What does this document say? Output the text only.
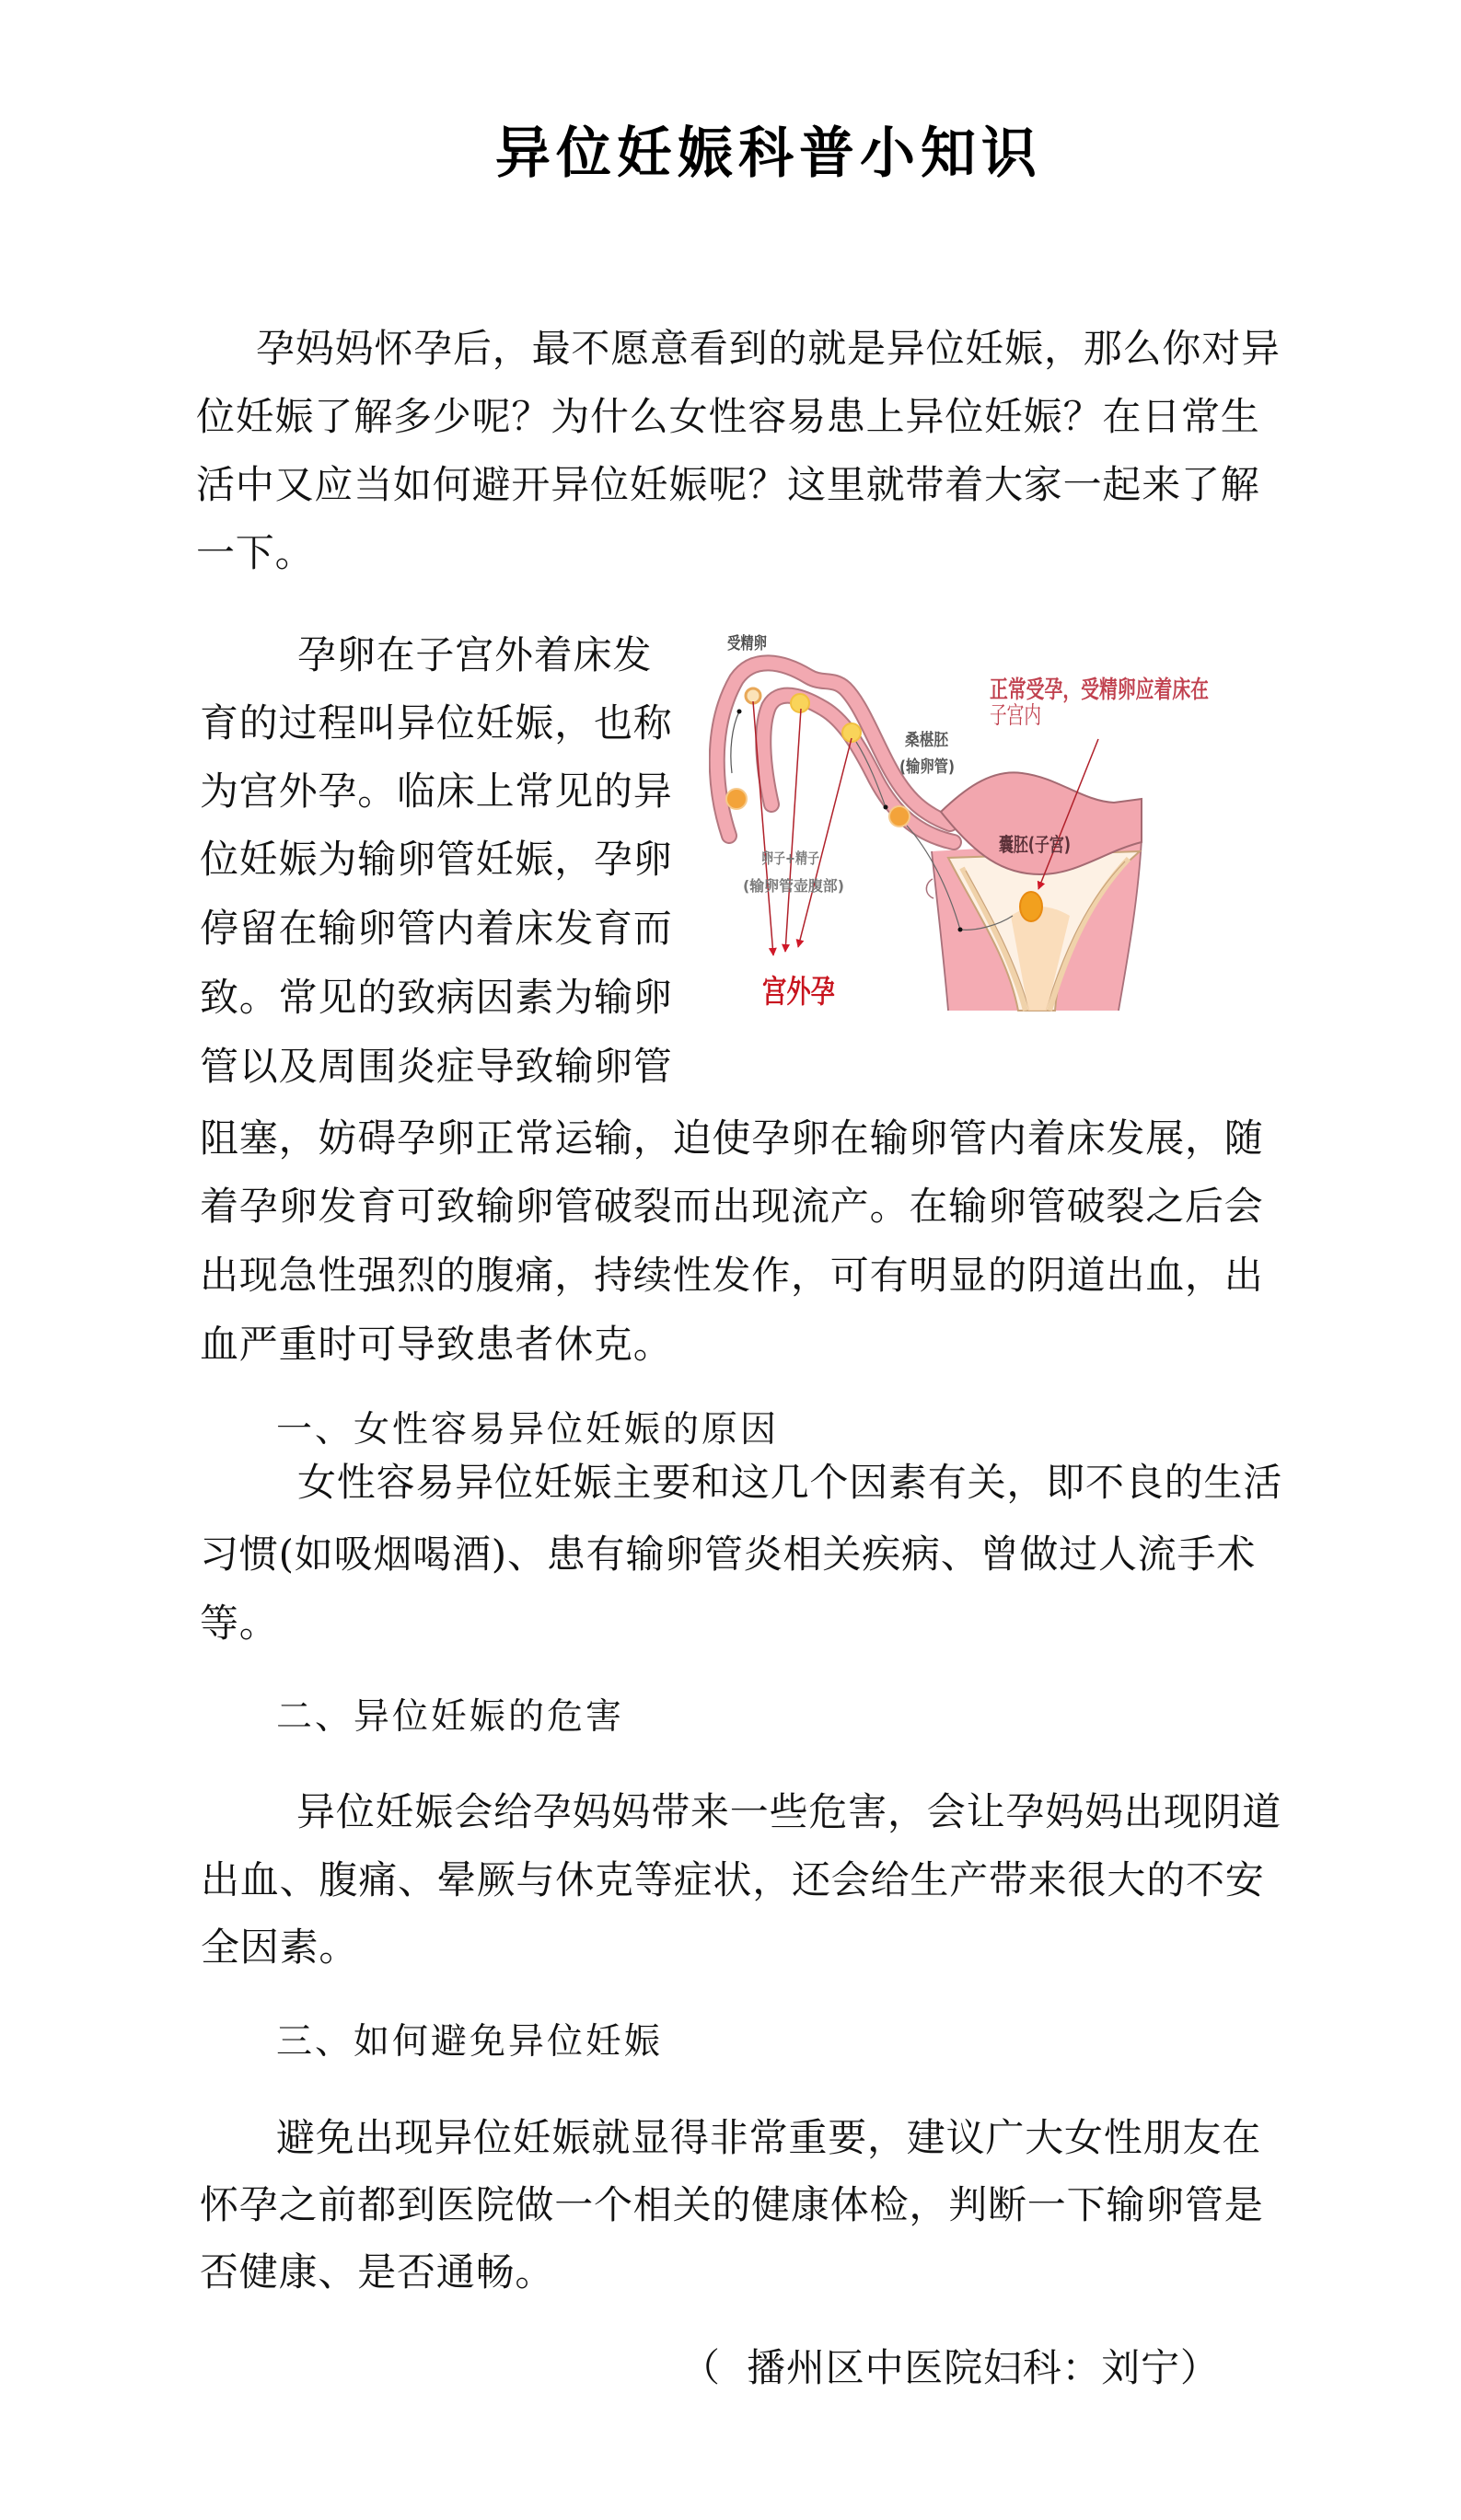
异位妊娠科普小知识
孕妈妈怀孕后，最不愿意看到的就是异位妊娠，那么你对异
位妊娠了解多少呢？为什么女性容易患上异位妊娠？在日常生
活中又应当如何避开异位妊娠呢？这里就带着大家一起来了解
一下。
孕卵在子宫外着床发
育的过程叫异位妊娠，也称
为宫外孕。临床上常见的异
位妊娠为输卵管妊娠，孕卵
停留在输卵管内着床发育而
致。常见的致病因素为输卵
管以及周围炎症导致输卵管
阻塞，妨碍孕卵正常运输，迫使孕卵在输卵管内着床发展，随
着孕卵发育可致输卵管破裂而出现流产。在输卵管破裂之后会
出现急性强烈的腹痛，持续性发作，可有明显的阴道出血，出
血严重时可导致患者休克。
受精卵
桑椹胚
(输卵管)
卵子+精子
(输卵管壶腹部)
囊胚(子宫)
正常受孕，受精卵应着床在
子宫内
宫外孕
一、女性容易异位妊娠的原因
女性容易异位妊娠主要和这几个因素有关，即不良的生活
习惯(如吸烟喝酒)、患有输卵管炎相关疾病、曾做过人流手术
等。
二、异位妊娠的危害
异位妊娠会给孕妈妈带来一些危害，会让孕妈妈出现阴道
出血、腹痛、晕厥与休克等症状，还会给生产带来很大的不安
全因素。
三、如何避免异位妊娠
避免出现异位妊娠就显得非常重要，建议广大女性朋友在
怀孕之前都到医院做一个相关的健康体检，判断一下输卵管是
否健康、是否通畅。
（  播州区中医院妇科：刘宁）
